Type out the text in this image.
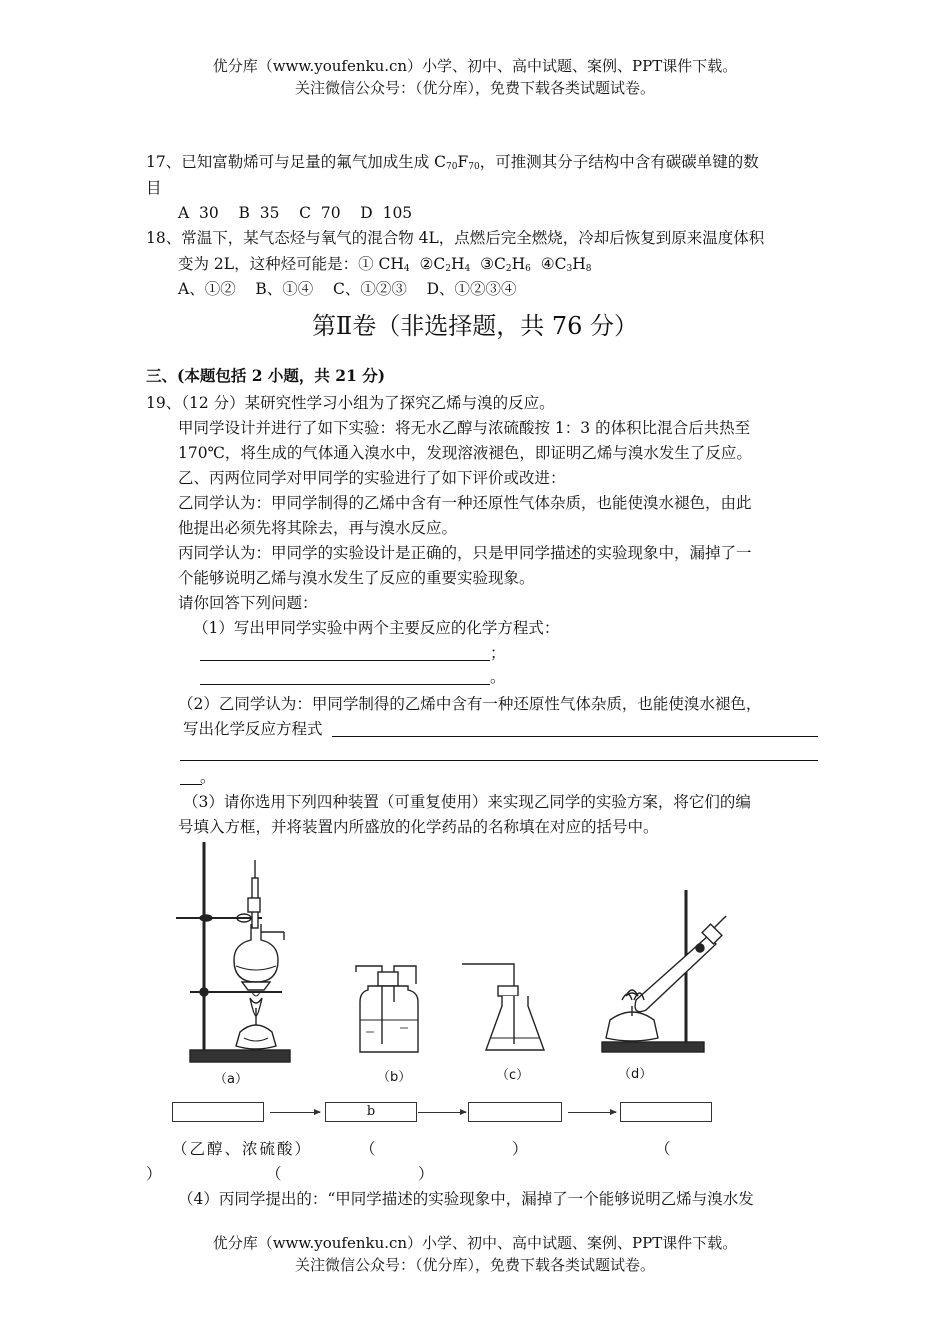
优分库（www.youfenku.cn）小学、初中、高中试题、案例、PPT课件下载。
关注微信公众号：（优分库），免费下载各类试题试卷。
17、已知富勒烯可与足量的氟气加成生成 $C_{70}F_{70}$，可推测其分子结构中含有碳碳单键的数
目
A  30    B  35    C  70    D  105
18、常温下，某气态烃与氧气的混合物 4L，点燃后完全燃烧，冷却后恢复到原来温度体积
变为 2L，这种烃可能是：① $CH_4$  $②C_2H_4$  $③C_2H_6$  $④C_3H_8$
A、①②    B、①④    C、①②③    D、①②③④
第Ⅱ卷（非选择题，共 76 分）
三、(本题包括 2 小题，共 21 分)
19、（12 分）某研究性学习小组为了探究乙烯与溴的反应。
甲同学设计并进行了如下实验：将无水乙醇与浓硫酸按 1：3 的体积比混合后共热至
170℃，将生成的气体通入溴水中，发现溶液褪色，即证明乙烯与溴水发生了反应。
乙、丙两位同学对甲同学的实验进行了如下评价或改进：
乙同学认为：甲同学制得的乙烯中含有一种还原性气体杂质，也能使溴水褪色，由此
他提出必须先将其除去，再与溴水反应。
丙同学认为：甲同学的实验设计是正确的，只是甲同学描述的实验现象中，漏掉了一
个能够说明乙烯与溴水发生了反应的重要实验现象。
请你回答下列问题：
（1）写出甲同学实验中两个主要反应的化学方程式：
；
。
（2）乙同学认为：甲同学制得的乙烯中含有一种还原性气体杂质，也能使溴水褪色，
写出化学反应方程式
。
（3）请你选用下列四种装置（可重复使用）来实现乙同学的实验方案，将它们的编
号填入方框，并将装置内所盛放的化学药品的名称填在对应的括号中。
（a）	（b）	（c）	（d）
b
（乙醇、浓硫酸）	（	）	（
）	（	）
（4）丙同学提出的：“甲同学描述的实验现象中，漏掉了一个能够说明乙烯与溴水发
优分库（www.youfenku.cn）小学、初中、高中试题、案例、PPT课件下载。
关注微信公众号：（优分库），免费下载各类试题试卷。
